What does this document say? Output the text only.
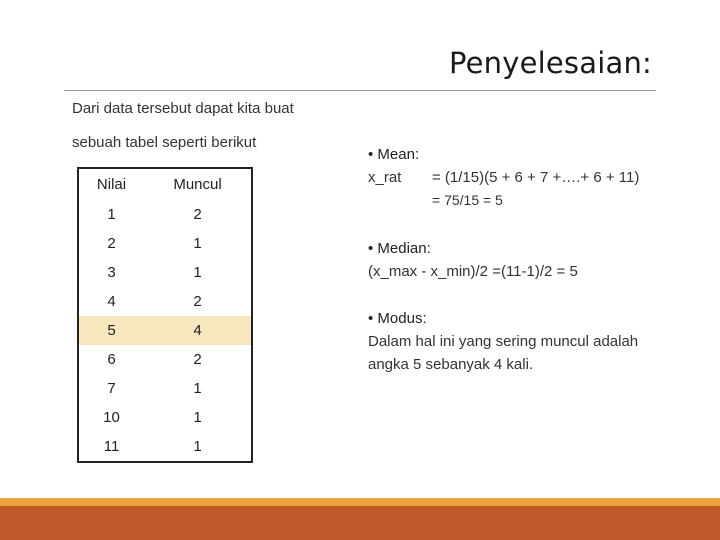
Penyelesaian:
Dari data tersebut dapat kita buat
sebuah tabel seperti berikut
Nilai	Muncul
1	2
2	1
3	1
4	2
5	4
6	2
7	1
10	1
11	1
• Mean:
x_rat = (1/15)(5 + 6 + 7 +….+ 6 + 11)
= 75/15 = 5
• Median:
(x_max - x_min)/2 =(11-1)/2 = 5
• Modus:
Dalam hal ini yang sering muncul adalah
angka 5 sebanyak 4 kali.
